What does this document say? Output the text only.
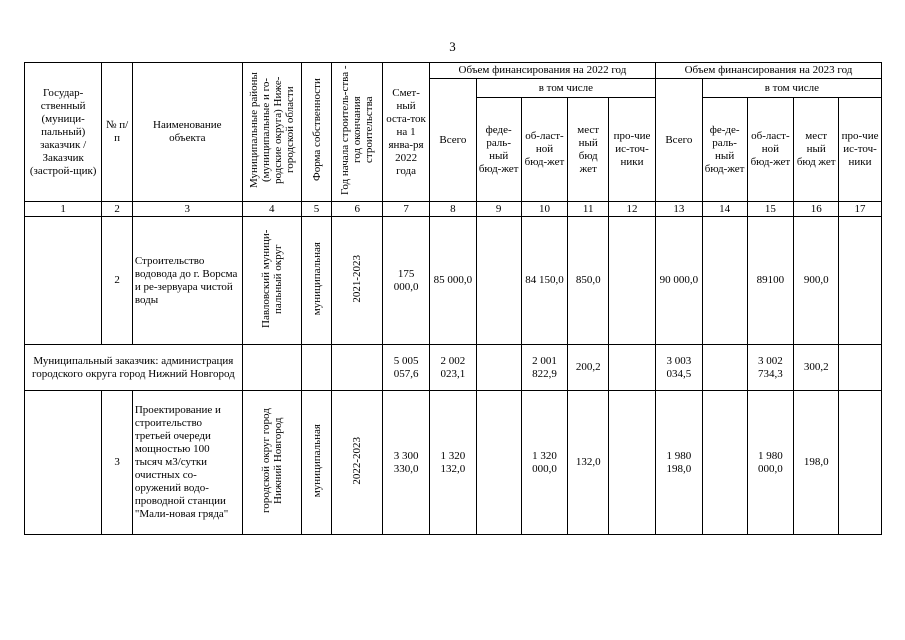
3
Государ-ственный (муници-пальный) заказчик / Заказчик (застрой-щик)	№ п/п	Наименование объекта	Муниципальные районы (муниципальные и го-родские округа) Ниже-городской области	Форма собственности	Год начала строитель-ства - год окончания строительства	Смет-ный оста-ток на 1 янва-ря 2022 года	Объем финансирования на 2022 год					Объем финансирования на 2023 год				
							Всего	в том числе				Всего	в том числе			
								феде-раль-ный бюд-жет	об-ласт-ной бюд-жет	мест ный бюд жет	про-чие ис-точ-ники		фе-де-раль-ный бюд-жет	об-ласт-ной бюд-жет	мест ный бюд жет	про-чие ис-точ-ники
1	2	3	4	5	6	7	8	9	10	11	12	13	14	15	16	17
	2	Строительство водовода до г. Ворсма и ре-зервуара чистой воды	Павловский муници-пальный округ	муниципальная	2021-2023	175 000,0	85 000,0		84 150,0	850,0		90 000,0		89100	900,0	
Муниципальный заказчик: администрация городского округа город Нижний Новгород						5 005 057,6	2 002 023,1		2 001 822,9	200,2		3 003 034,5		3 002 734,3	300,2	
	3	Проектирование и строительство третьей очереди мощностью 100 тысяч м3/сутки очистных со-оружений водо-проводной станции "Мали-новая гряда"	городской округ город Нижний Новгород	муниципальная	2022-2023	3 300 330,0	1 320 132,0		1 320 000,0	132,0		1 980 198,0		1 980 000,0	198,0	
